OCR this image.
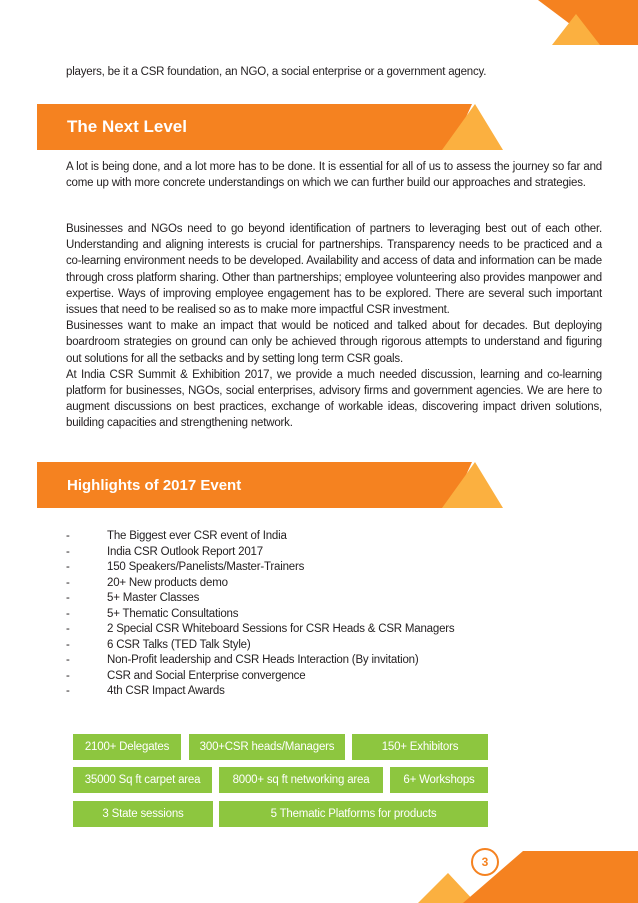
players, be it a CSR foundation, an NGO, a social enterprise or a government agency.
The Next Level

A lot is being done, and a lot more has to be done. It is essential for all of us to assess the journey so far and come up with more concrete understandings on which we can further build our approaches and strategies.

Businesses and NGOs need to go beyond identification of partners to leveraging best out of each other. Understanding and aligning interests is crucial for partnerships. Transparency needs to be practiced and a co-learning environment needs to be developed. Availability and access of data and information can be made through cross platform sharing. Other than partnerships; employee volunteering also provides manpower and expertise. Ways of improving employee engagement has to be explored. There are several such important issues that need to be realised so as to make more impactful CSR investment.

Businesses want to make an impact that would be noticed and talked about for decades. But deploying boardroom strategies on ground can only be achieved through rigorous attempts to understand and figuring out solutions for all the setbacks and by setting long term CSR goals.

At India CSR Summit & Exhibition 2017, we provide a much needed discussion, learning and co-learning platform for businesses, NGOs, social enterprises, advisory firms and government agencies. We are here to augment discussions on best practices, exchange of workable ideas, discovering impact driven solutions, building capacities and strengthening network.

Highlights of 2017 Event
-	The Biggest ever CSR event of India
-	India CSR Outlook Report 2017
-	150 Speakers/Panelists/Master-Trainers
-	20+ New products demo
-	5+ Master Classes
-	5+ Thematic Consultations
-	2 Special CSR Whiteboard Sessions for CSR Heads & CSR Managers
-	6 CSR Talks (TED Talk Style)
-	Non-Profit leadership and CSR Heads Interaction (By invitation)
-	CSR and Social Enterprise convergence
-	4th CSR Impact Awards
2100+ Delegates	300+CSR heads/Managers	150+ Exhibitors
35000 Sq ft carpet area	8000+ sq ft networking area	6+ Workshops
3 State sessions	5 Thematic Platforms for products
3
